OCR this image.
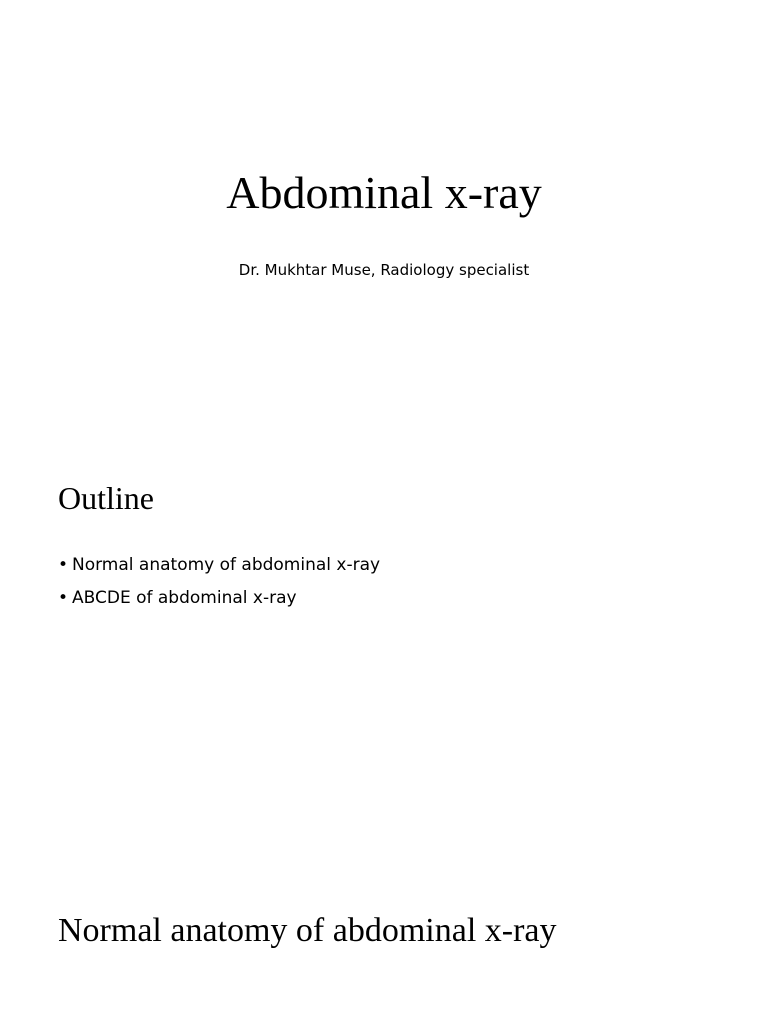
Abdominal x-ray

Dr. Mukhtar Muse, Radiology specialist

Outline
• Normal anatomy of abdominal x-ray
• ABCDE of abdominal x-ray
Normal anatomy of abdominal x-ray
